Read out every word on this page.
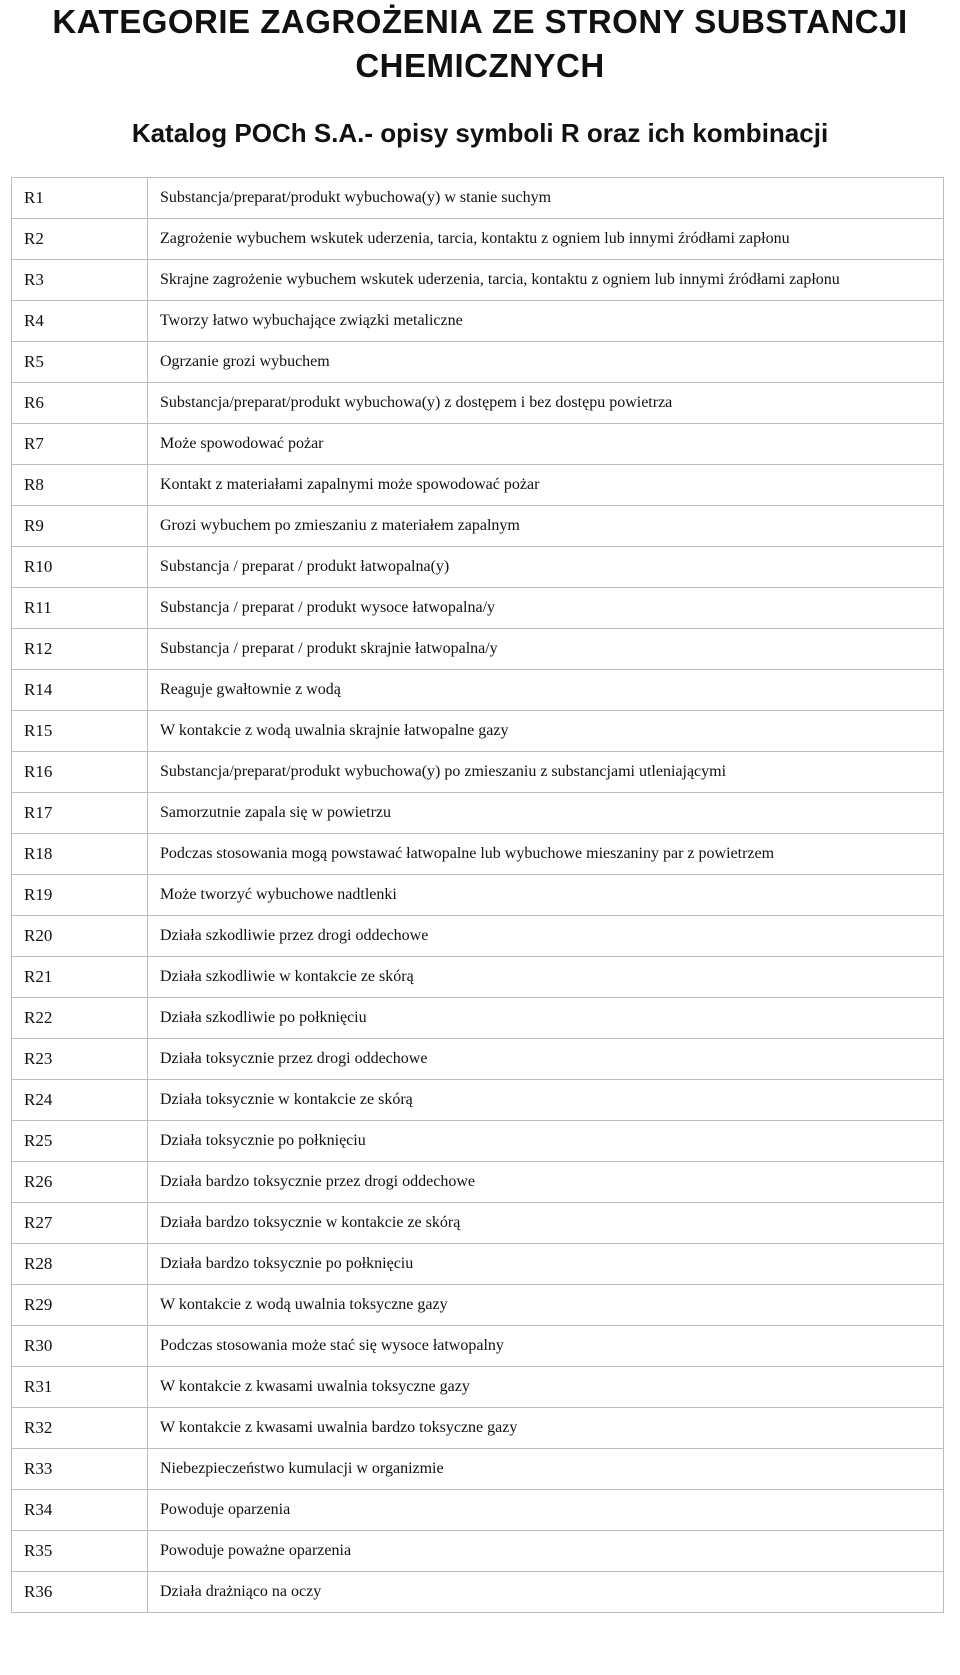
KATEGORIE ZAGROŻENIA ZE STRONY SUBSTANCJI
CHEMICZNYCH
Katalog POCh S.A.- opisy symboli R oraz ich kombinacji
R1	Substancja/preparat/produkt wybuchowa(y) w stanie suchym
R2	Zagrożenie wybuchem wskutek uderzenia, tarcia, kontaktu z ogniem lub innymi źródłami zapłonu
R3	Skrajne zagrożenie wybuchem wskutek uderzenia, tarcia, kontaktu z ogniem lub innymi źródłami zapłonu
R4	Tworzy łatwo wybuchające związki metaliczne
R5	Ogrzanie grozi wybuchem
R6	Substancja/preparat/produkt wybuchowa(y) z dostępem i bez dostępu powietrza
R7	Może spowodować pożar
R8	Kontakt z materiałami zapalnymi może spowodować pożar
R9	Grozi wybuchem po zmieszaniu z materiałem zapalnym
R10	Substancja / preparat / produkt łatwopalna(y)
R11	Substancja / preparat / produkt wysoce łatwopalna/y
R12	Substancja / preparat / produkt skrajnie łatwopalna/y
R14	Reaguje gwałtownie z wodą
R15	W kontakcie z wodą uwalnia skrajnie łatwopalne gazy
R16	Substancja/preparat/produkt wybuchowa(y) po zmieszaniu z substancjami utleniającymi
R17	Samorzutnie zapala się w powietrzu
R18	Podczas stosowania mogą powstawać łatwopalne lub wybuchowe mieszaniny par z powietrzem
R19	Może tworzyć wybuchowe nadtlenki
R20	Działa szkodliwie przez drogi oddechowe
R21	Działa szkodliwie w kontakcie ze skórą
R22	Działa szkodliwie po połknięciu
R23	Działa toksycznie przez drogi oddechowe
R24	Działa toksycznie w kontakcie ze skórą
R25	Działa toksycznie po połknięciu
R26	Działa bardzo toksycznie przez drogi oddechowe
R27	Działa bardzo toksycznie w kontakcie ze skórą
R28	Działa bardzo toksycznie po połknięciu
R29	W kontakcie z wodą uwalnia toksyczne gazy
R30	Podczas stosowania może stać się wysoce łatwopalny
R31	W kontakcie z kwasami uwalnia toksyczne gazy
R32	W kontakcie z kwasami uwalnia bardzo toksyczne gazy
R33	Niebezpieczeństwo kumulacji w organizmie
R34	Powoduje oparzenia
R35	Powoduje poważne oparzenia
R36	Działa drażniąco na oczy
